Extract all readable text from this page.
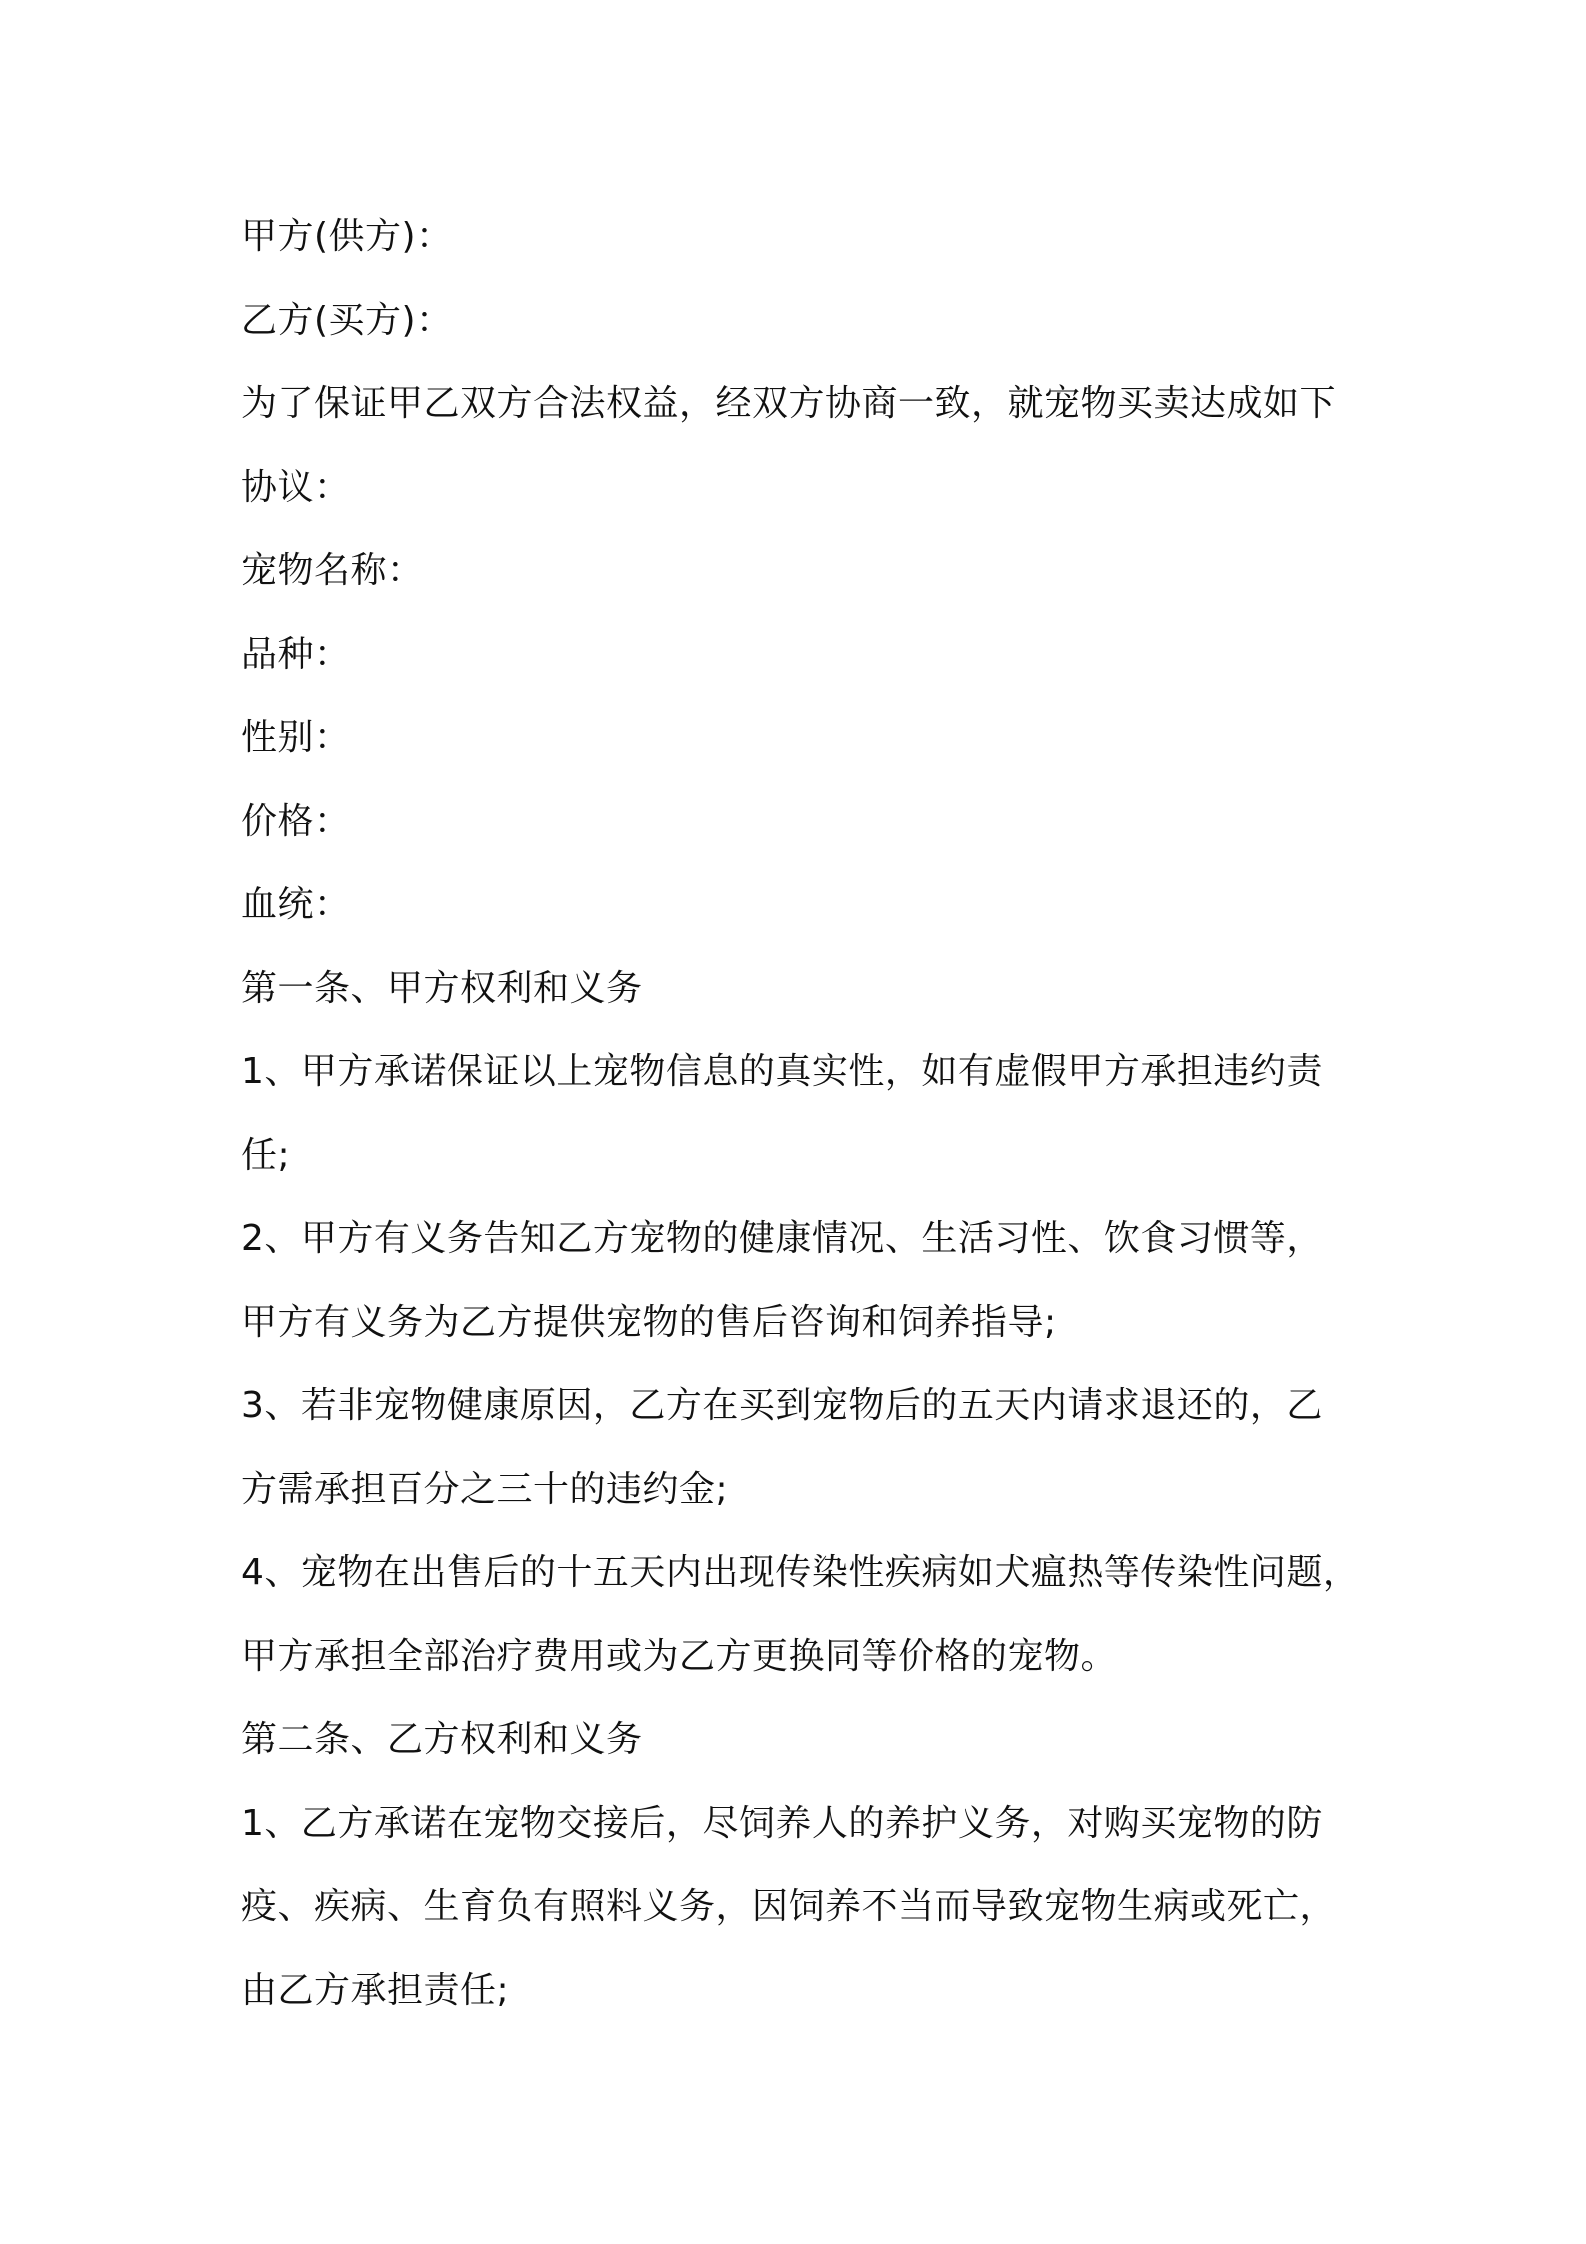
甲方(供方)：
乙方(买方)：
为了保证甲乙双方合法权益，经双方协商一致，就宠物买卖达成如下
协议：
宠物名称：
品种：
性别：
价格：
血统：
第一条、甲方权利和义务
1、甲方承诺保证以上宠物信息的真实性，如有虚假甲方承担违约责
任;
2、甲方有义务告知乙方宠物的健康情况、生活习性、饮食习惯等，
甲方有义务为乙方提供宠物的售后咨询和饲养指导;
3、若非宠物健康原因，乙方在买到宠物后的五天内请求退还的，乙
方需承担百分之三十的违约金;
4、宠物在出售后的十五天内出现传染性疾病如犬瘟热等传染性问题，
甲方承担全部治疗费用或为乙方更换同等价格的宠物。
第二条、乙方权利和义务
1、乙方承诺在宠物交接后，尽饲养人的养护义务，对购买宠物的防
疫、疾病、生育负有照料义务，因饲养不当而导致宠物生病或死亡，
由乙方承担责任;
